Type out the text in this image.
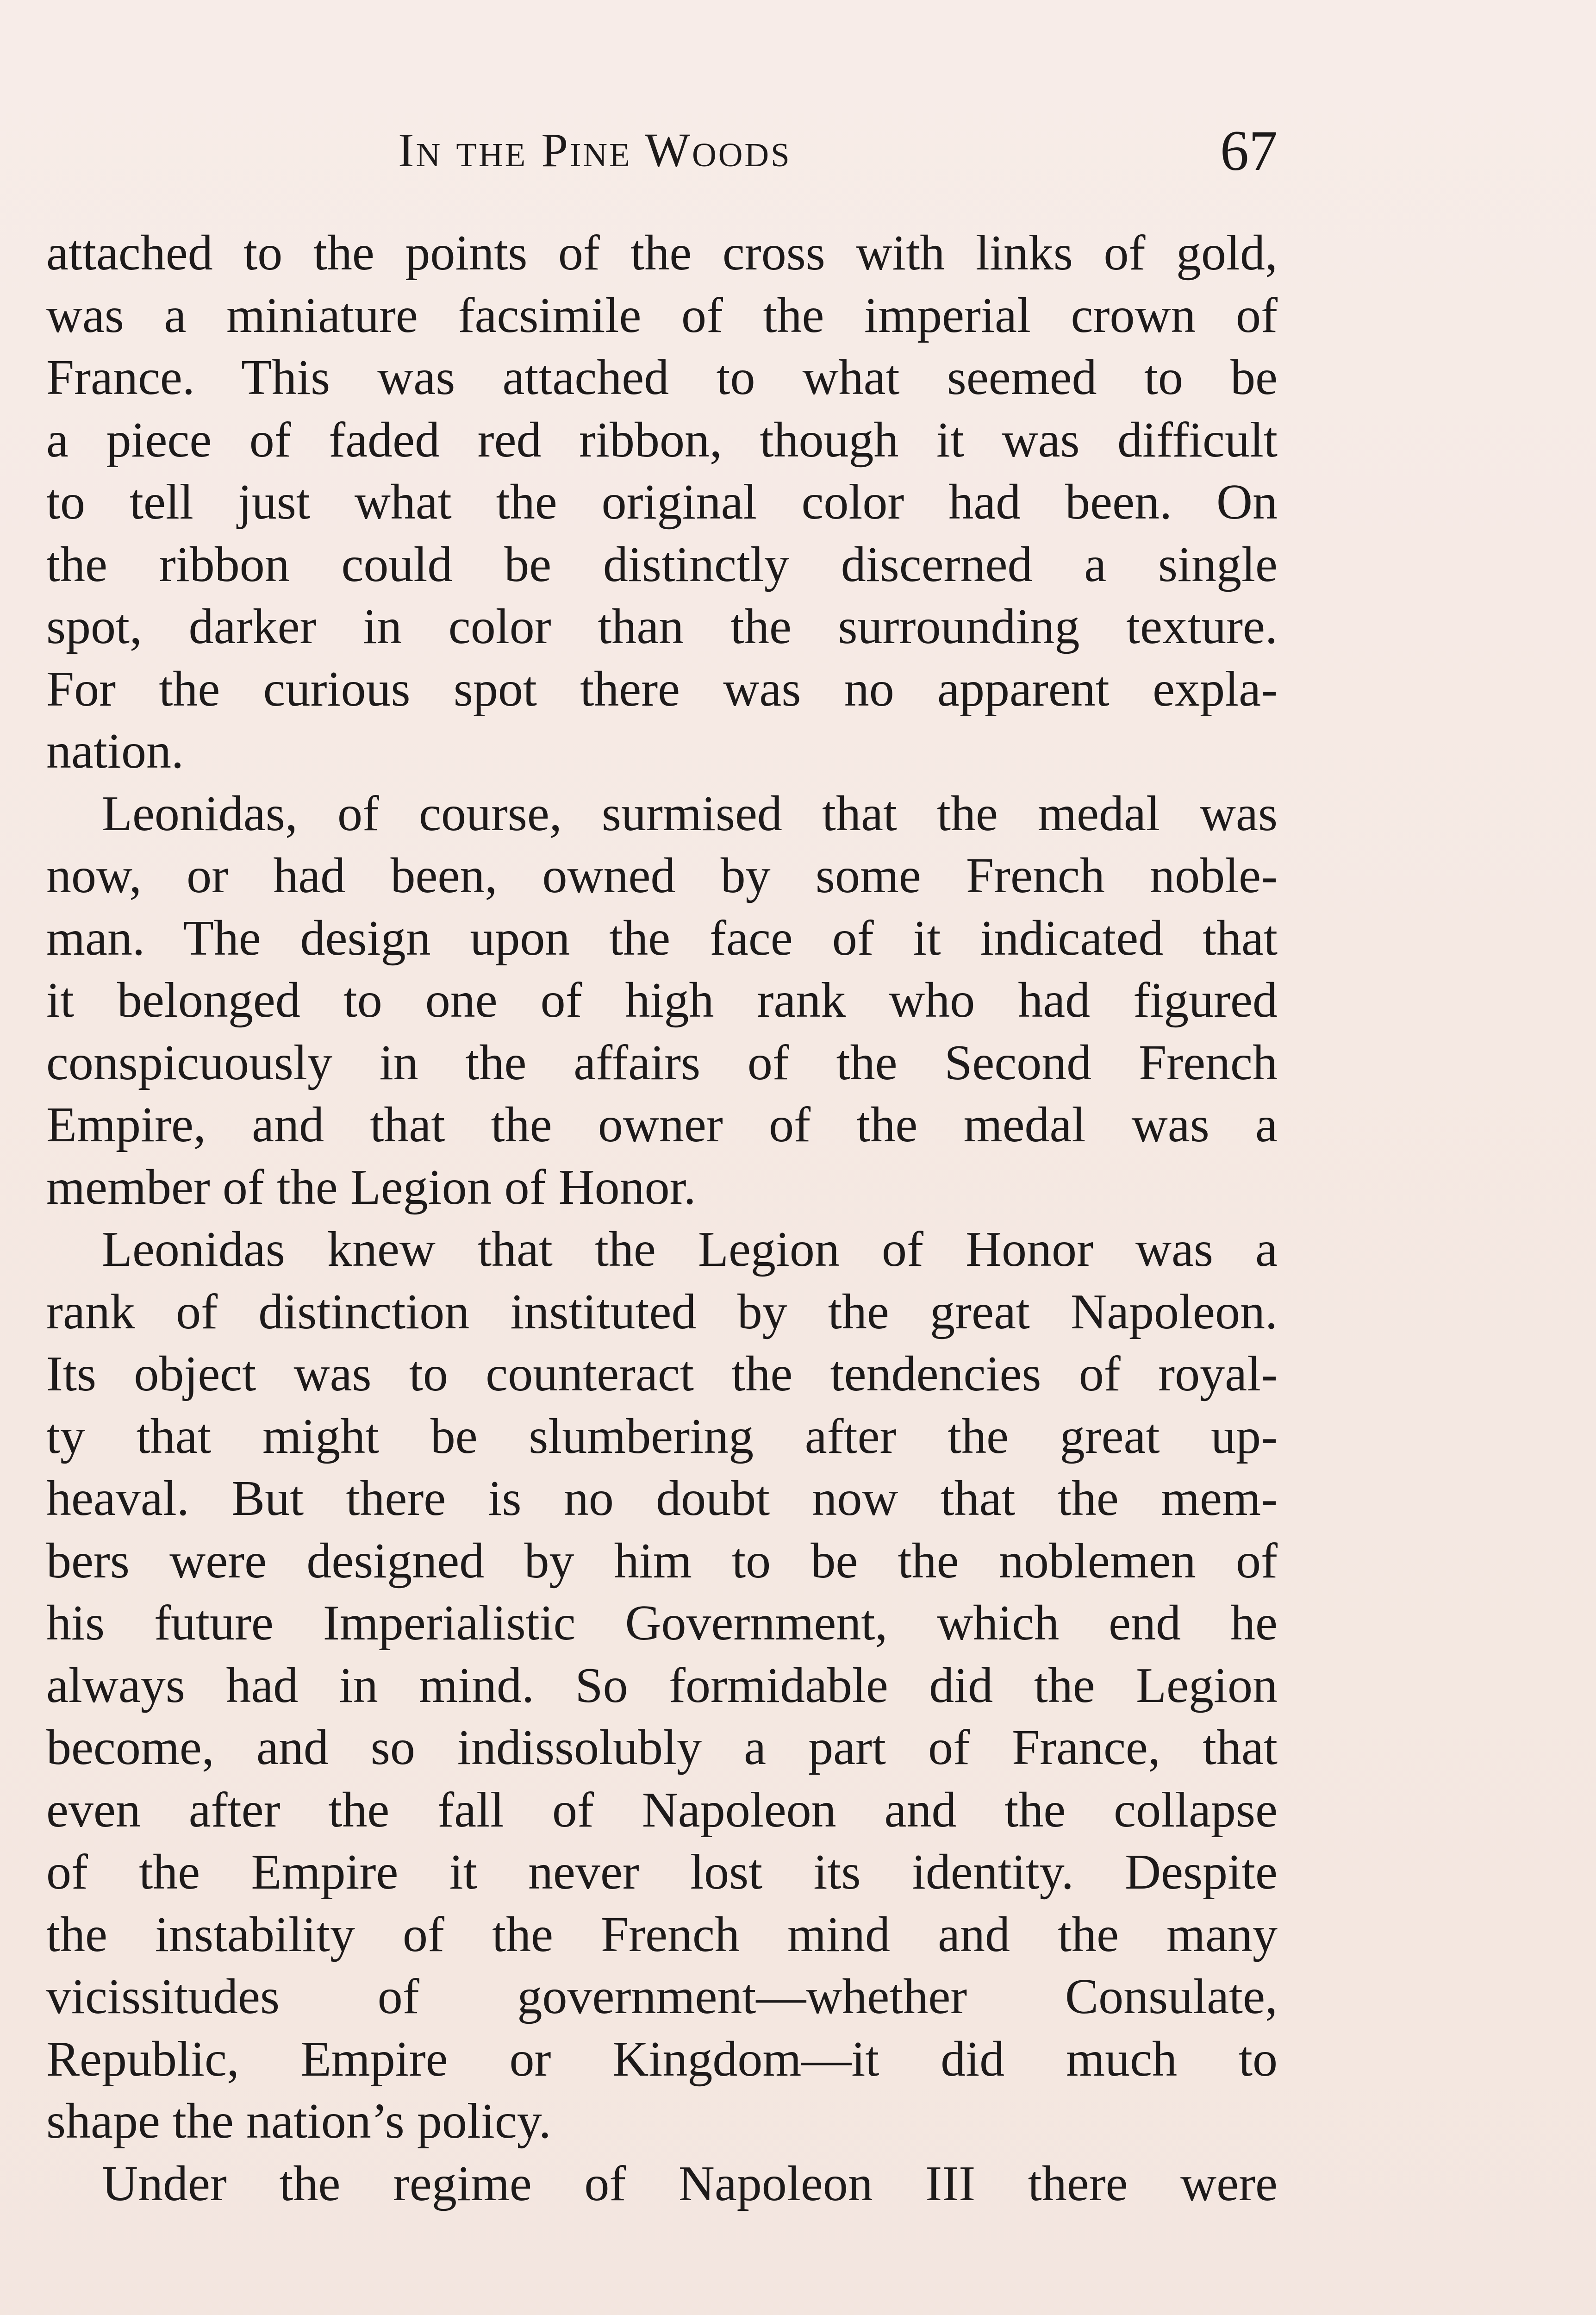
In the Pine Woods	67
attached to the points of the cross with links of gold,
was a miniature facsimile of the imperial crown of
France. This was attached to what seemed to be
a piece of faded red ribbon, though it was difficult
to tell just what the original color had been. On
the ribbon could be distinctly discerned a single
spot, darker in color than the surrounding texture.
For the curious spot there was no apparent expla-
nation.
Leonidas, of course, surmised that the medal was
now, or had been, owned by some French noble-
man. The design upon the face of it indicated that
it belonged to one of high rank who had figured
conspicuously in the affairs of the Second French
Empire, and that the owner of the medal was a
member of the Legion of Honor.
Leonidas knew that the Legion of Honor was a
rank of distinction instituted by the great Napoleon.
Its object was to counteract the tendencies of royal-
ty that might be slumbering after the great up-
heaval. But there is no doubt now that the mem-
bers were designed by him to be the noblemen of
his future Imperialistic Government, which end he
always had in mind. So formidable did the Legion
become, and so indissolubly a part of France, that
even after the fall of Napoleon and the collapse
of the Empire it never lost its identity. Despite
the instability of the French mind and the many
vicissitudes of government—whether Consulate,
Republic, Empire or Kingdom—it did much to
shape the nation’s policy.
Under the regime of Napoleon III there were
